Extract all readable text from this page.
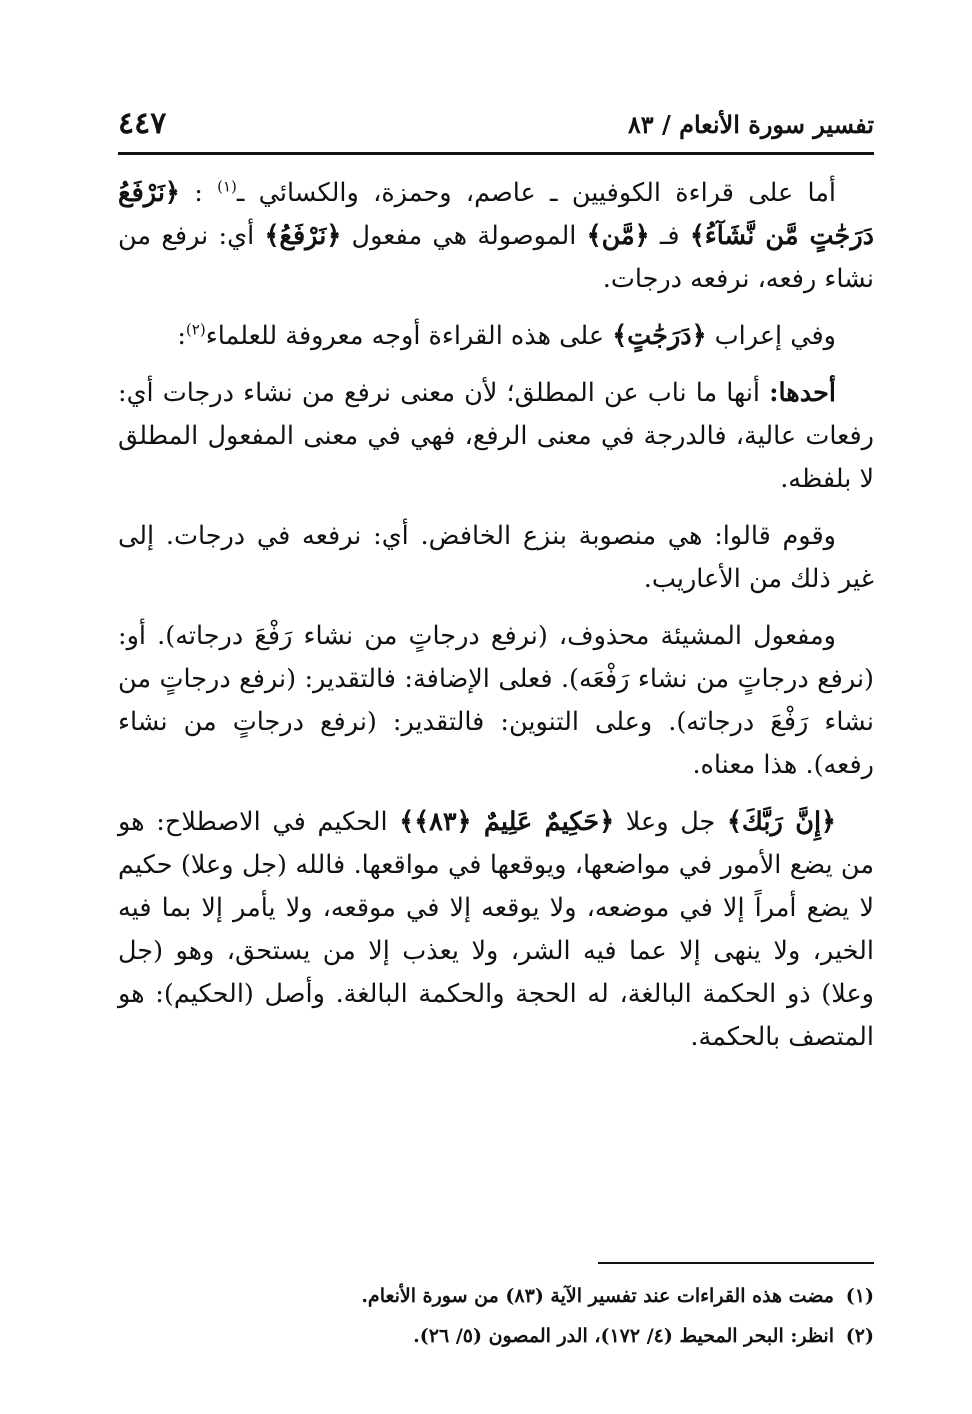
٤٤٧	تفسير سورة الأنعام / ٨٣

أما على قراءة الكوفيين ـ عاصم، وحمزة، والكسائي ـ$^{(١)}$ : ﴿نَرْفَعُ دَرَجَٰتٍ مَّن نَّشَآءُ﴾ فـ ﴿مَّن﴾ الموصولة هي مفعول ﴿نَرْفَعُ﴾ أي: نرفع من نشاء رفعه، نرفعه درجات.

وفي إعراب ﴿دَرَجَٰتٍ﴾ على هذه القراءة أوجه معروفة للعلماء$^{(٢)}$:

أحدها: أنها ما ناب عن المطلق؛ لأن معنى نرفع من نشاء درجات أي: رفعات عالية، فالدرجة في معنى الرفع، فهي في معنى المفعول المطلق لا بلفظه.

وقوم قالوا: هي منصوبة بنزع الخافض. أي: نرفعه في درجات. إلى غير ذلك من الأعاريب.

ومفعول المشيئة محذوف، (نرفع درجاتٍ من نشاء رَفْعَ درجاته). أو: (نرفع درجاتٍ من نشاء رَفْعَه). فعلى الإضافة: فالتقدير: (نرفع درجاتٍ من نشاء رَفْعَ درجاته). وعلى التنوين: فالتقدير: (نرفع درجاتٍ من نشاء رفعه). هذا معناه.

﴿إِنَّ رَبَّكَ﴾ جل وعلا ﴿حَكِيمٌ عَلِيمٌ ﴿٨٣﴾﴾ الحكيم في الاصطلاح: هو من يضع الأمور في مواضعها، ويوقعها في مواقعها. فالله (جل وعلا) حكيم لا يضع أمراً إلا في موضعه، ولا يوقعه إلا في موقعه، ولا يأمر إلا بما فيه الخير، ولا ينهى إلا عما فيه الشر، ولا يعذب إلا من يستحق، وهو (جل وعلا) ذو الحكمة البالغة، له الحجة والحكمة البالغة. وأصل (الحكيم): هو المتصف بالحكمة.

(١)مضت هذه القراءات عند تفسير الآية (٨٣) من سورة الأنعام.
(٢)انظر: البحر المحيط (٤/ ١٧٢)، الدر المصون (٥/ ٢٦).
